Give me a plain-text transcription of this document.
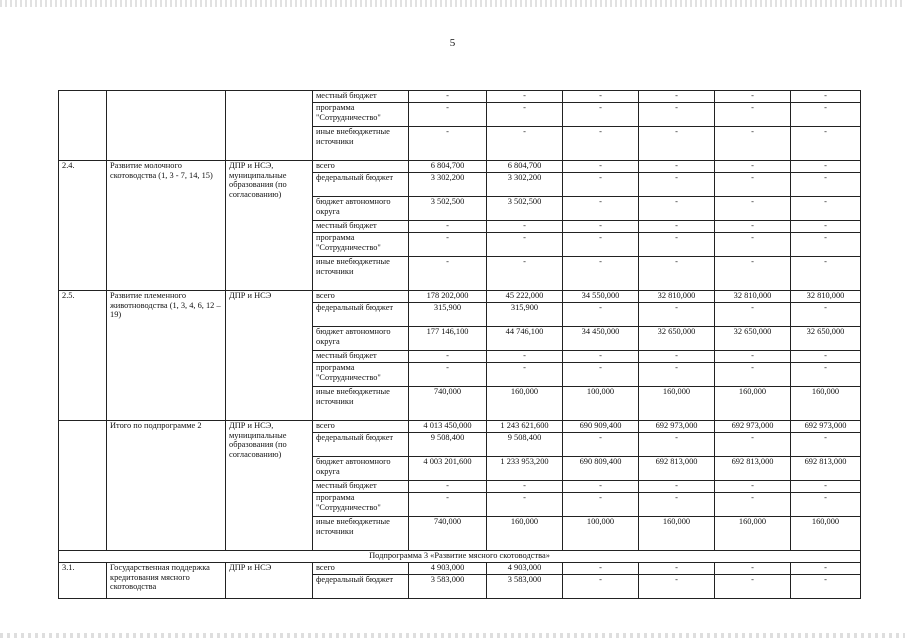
5
			местный бюджет	-	-	-	-	-	-
			программа "Сотрудничество"	-	-	-	-	-	-
			иные внебюджетные источники	-	-	-	-	-	-
2.4.	Развитие молочного скотоводства (1, 3 - 7, 14, 15)	ДПР и НСЭ, муниципальные образования (по согласованию)	всего	6 804,700	6 804,700	-	-	-	-
			федеральный бюджет	3 302,200	3 302,200	-	-	-	-
			бюджет автономного округа	3 502,500	3 502,500	-	-	-	-
			местный бюджет	-	-	-	-	-	-
			программа "Сотрудничество"	-	-	-	-	-	-
			иные внебюджетные источники	-	-	-	-	-	-
2.5.	Развитие племенного животноводства (1, 3, 4, 6, 12 – 19)	ДПР и НСЭ	всего	178 202,000	45 222,000	34 550,000	32 810,000	32 810,000	32 810,000
			федеральный бюджет	315,900	315,900	-	-	-	-
			бюджет автономного округа	177 146,100	44 746,100	34 450,000	32 650,000	32 650,000	32 650,000
			местный бюджет	-	-	-	-	-	-
			программа "Сотрудничество"	-	-	-	-	-	-
			иные внебюджетные источники	740,000	160,000	100,000	160,000	160,000	160,000
	Итого по подпрограмме 2	ДПР и НСЭ, муниципальные образования (по согласованию)	всего	4 013 450,000	1 243 621,600	690 909,400	692 973,000	692 973,000	692 973,000
			федеральный бюджет	9 508,400	9 508,400	-	-	-	-
			бюджет автономного округа	4 003 201,600	1 233 953,200	690 809,400	692 813,000	692 813,000	692 813,000
			местный бюджет	-	-	-	-	-	-
			программа "Сотрудничество"	-	-	-	-	-	-
			иные внебюджетные источники	740,000	160,000	100,000	160,000	160,000	160,000
Подпрограмма 3 «Развитие мясного скотоводства»									
3.1.	Государственная поддержка кредитования мясного скотоводства	ДПР и НСЭ	всего	4 903,000	4 903,000	-	-	-	-
			федеральный бюджет	3 583,000	3 583,000	-	-	-	-
